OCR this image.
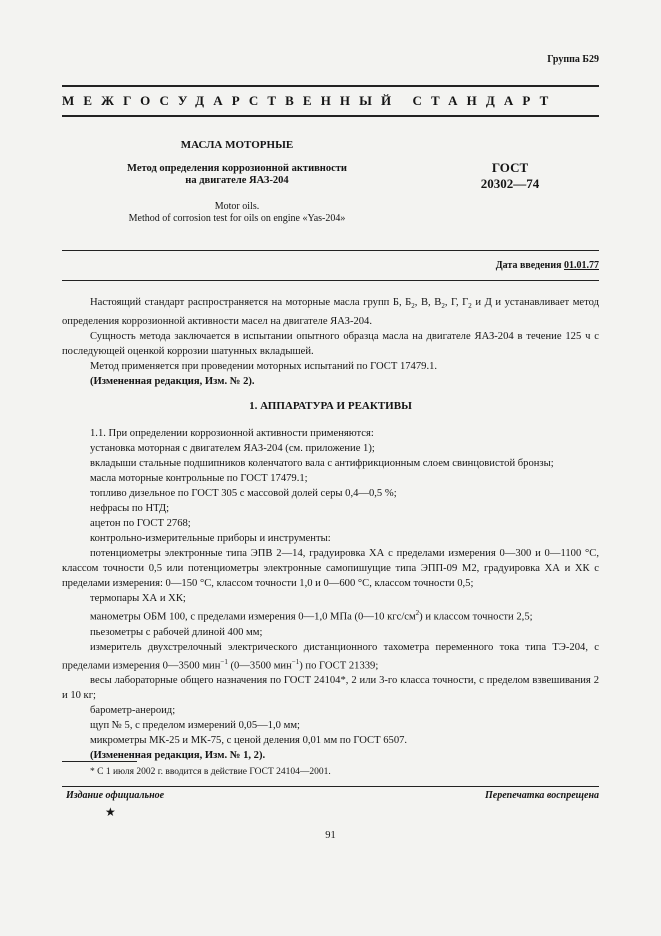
Группа Б29
МЕЖГОСУДАРСТВЕННЫЙ СТАНДАРТ
МАСЛА МОТОРНЫЕ
Метод определения коррозионной активности
на двигателе ЯАЗ-204
ГОСТ
20302—74
Motor oils.
Method of corrosion test for oils on engine «Yas-204»
Дата введения 01.01.77

Настоящий стандарт распространяется на моторные масла групп Б, $Б_2$, В, $В_2$, Г, $Г_2$ и Д и устанавливает метод определения коррозионной активности масел на двигателе ЯАЗ-204.

Сущность метода заключается в испытании опытного образца масла на двигателе ЯАЗ-204 в течение 125 ч с последующей оценкой коррозии шатунных вкладышей.

Метод применяется при проведении моторных испытаний по ГОСТ 17479.1.

(Измененная редакция, Изм. № 2).

1. АППАРАТУРА И РЕАКТИВЫ

1.1. При определении коррозионной активности применяются:

установка моторная с двигателем ЯАЗ-204 (см. приложение 1);

вкладыши стальные подшипников коленчатого вала с антифрикционным слоем свинцовистой бронзы;

масла моторные контрольные по ГОСТ 17479.1;

топливо дизельное по ГОСТ 305 с массовой долей серы 0,4—0,5 %;

нефрасы по НТД;

ацетон по ГОСТ 2768;

контрольно-измерительные приборы и инструменты:

потенциометры электронные типа ЭПВ 2—14, градуировка ХА с пределами измерения 0—300 и 0—1100 °С, классом точности 0,5 или потенциометры электронные самопишущие типа ЭПП-09 М2, градуировка ХА и ХК с пределами измерения: 0—150 °С, классом точности 1,0 и 0—600 °С, классом точности 0,5;

термопары ХА и ХК;

манометры ОБМ 100, с пределами измерения 0—1,0 МПа (0—10 кгс/$см^2$) и классом точности 2,5;

пьезометры с рабочей длиной 400 мм;

измеритель двухстрелочный электрического дистанционного тахометра переменного тока типа ТЭ-204, с пределами измерения 0—3500 мин$^{-1}$ (0—3500 мин$^{-1}$) по ГОСТ 21339;

весы лабораторные общего назначения по ГОСТ 24104*, 2 или 3-го класса точности, с пределом взвешивания 2 и 10 кг;

барометр-анероид;

щуп № 5, с пределом измерений 0,05—1,0 мм;

микрометры МК-25 и МК-75, с ценой деления 0,01 мм по ГОСТ 6507.

(Измененная редакция, Изм. № 1, 2).

* С 1 июля 2002 г. вводится в действие ГОСТ 24104—2001.
Издание официальное	Перепечатка воспрещена
★
91
